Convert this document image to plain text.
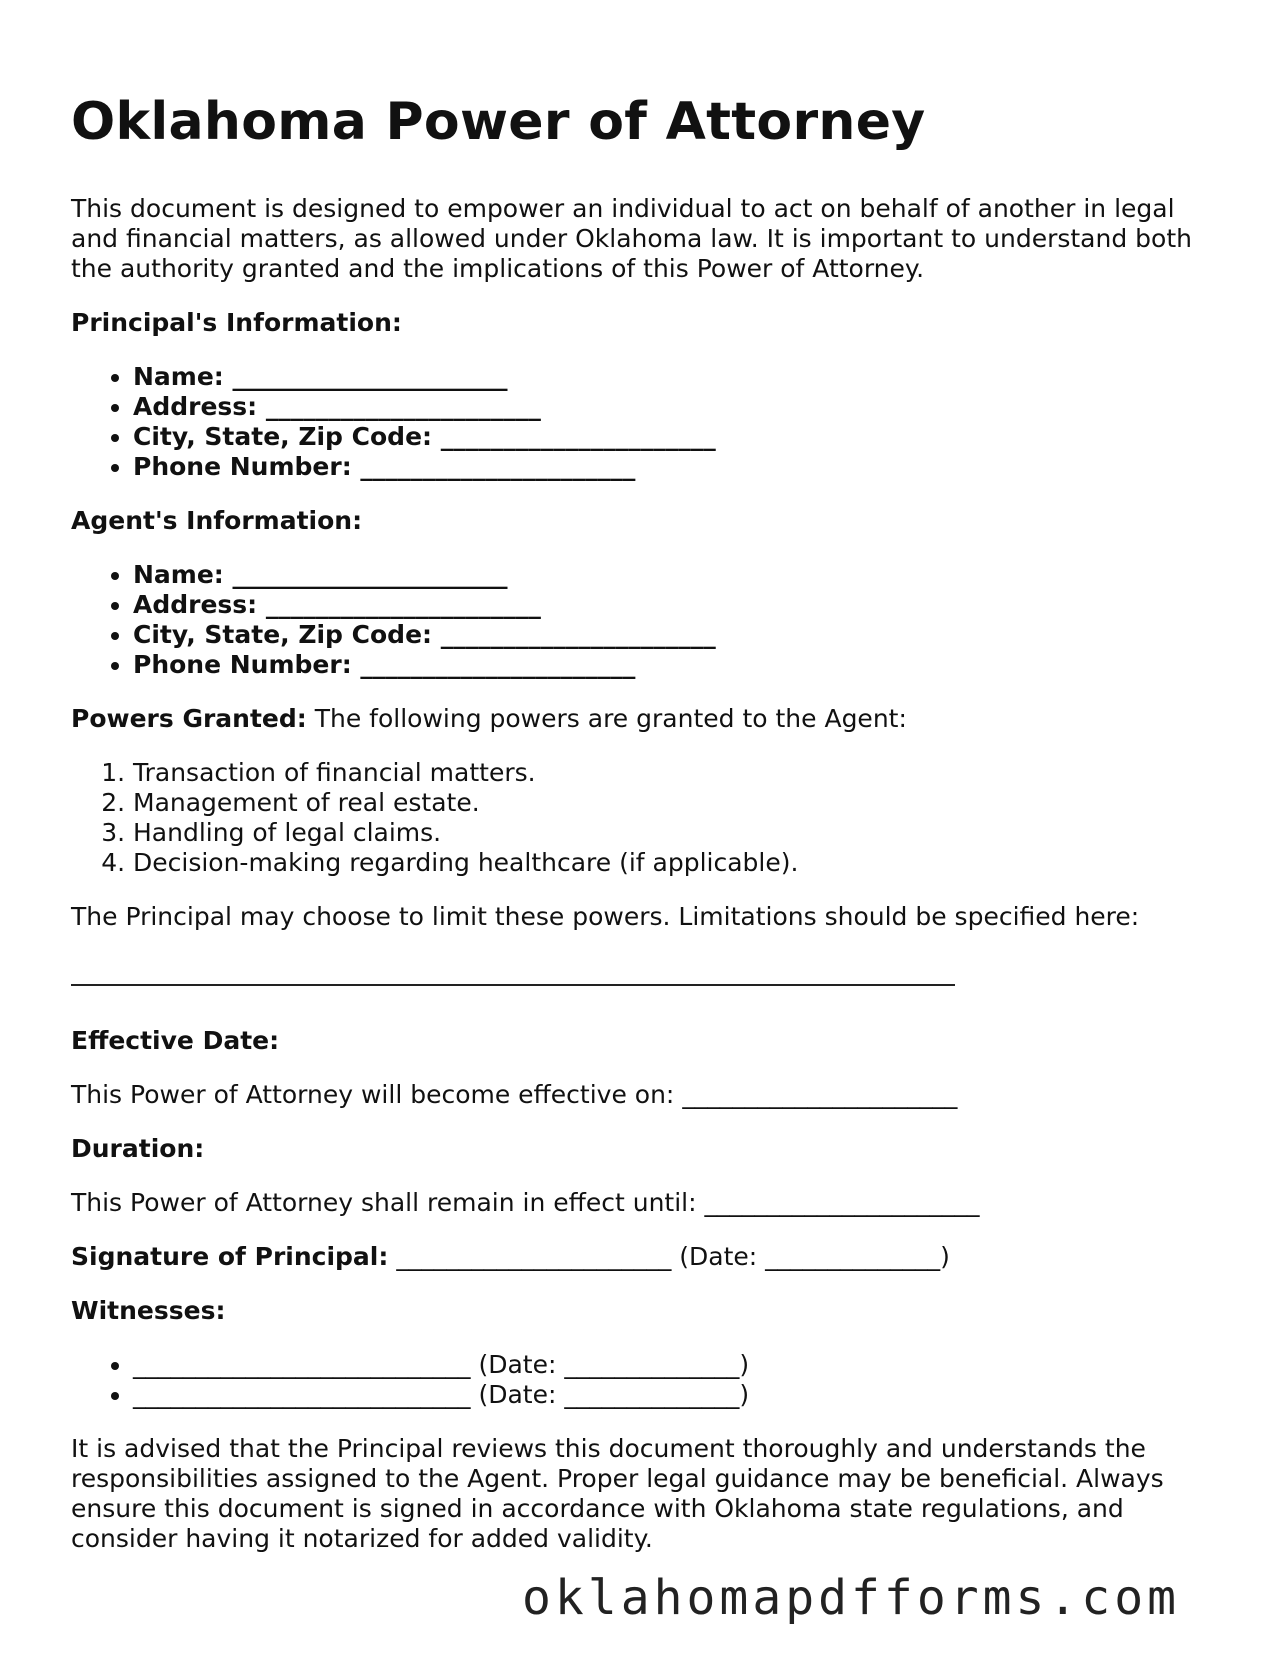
Oklahoma Power of Attorney

This document is designed to empower an individual to act on behalf of another in legal and financial matters, as allowed under Oklahoma law. It is important to understand both the authority granted and the implications of this Power of Attorney.

Principal's Information:
• Name: ______________________
• Address: ______________________
• City, State, Zip Code: ______________________
• Phone Number: ______________________
Agent's Information:
• Name: ______________________
• Address: ______________________
• City, State, Zip Code: ______________________
• Phone Number: ______________________

Powers Granted: The following powers are granted to the Agent:

1. Transaction of financial matters.
2. Management of real estate.
3. Handling of legal claims.
4. Decision-making regarding healthcare (if applicable).

The Principal may choose to limit these powers. Limitations should be specified here:

Effective Date:

This Power of Attorney will become effective on: ______________________

Duration:

This Power of Attorney shall remain in effect until: ______________________

Signature of Principal: ______________________ (Date: ______________)

Witnesses:
• ___________________________ (Date: ______________)
• ___________________________ (Date: ______________)

It is advised that the Principal reviews this document thoroughly and understands the responsibilities assigned to the Agent. Proper legal guidance may be beneficial. Always ensure this document is signed in accordance with Oklahoma state regulations, and consider having it notarized for added validity.

oklahomapdfforms.com
